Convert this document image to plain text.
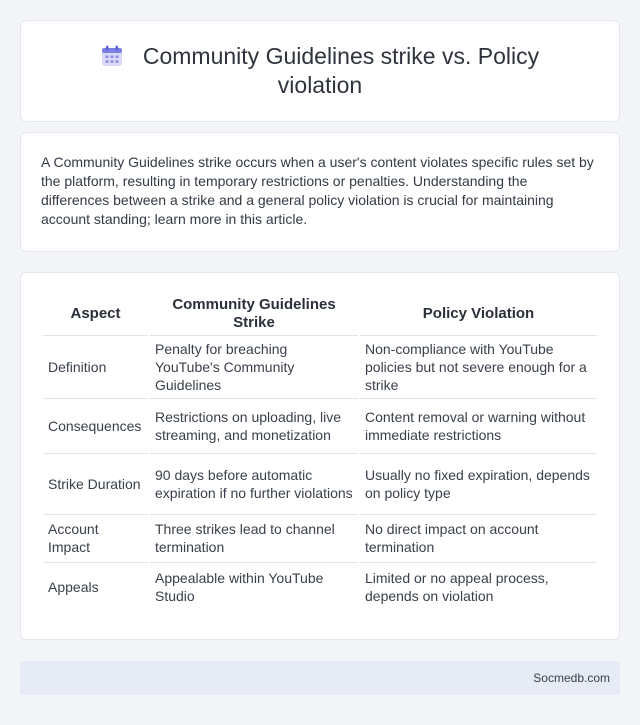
Community Guidelines strike vs. Policy violation

A Community Guidelines strike occurs when a user's content violates specific rules set by the platform, resulting in temporary restrictions or penalties. Understanding the differences between a strike and a general policy violation is crucial for maintaining account standing; learn more in this article.

Aspect	Community Guidelines Strike	Policy Violation
Definition	Penalty for breaching YouTube's Community Guidelines	Non-compliance with YouTube policies but not severe enough for a strike
Consequences	Restrictions on uploading, live streaming, and monetization	Content removal or warning without immediate restrictions
Strike Duration	90 days before automatic expiration if no further violations	Usually no fixed expiration, depends on policy type
Account Impact	Three strikes lead to channel termination	No direct impact on account termination
Appeals	Appealable within YouTube Studio	Limited or no appeal process, depends on violation
Socmedb.com
